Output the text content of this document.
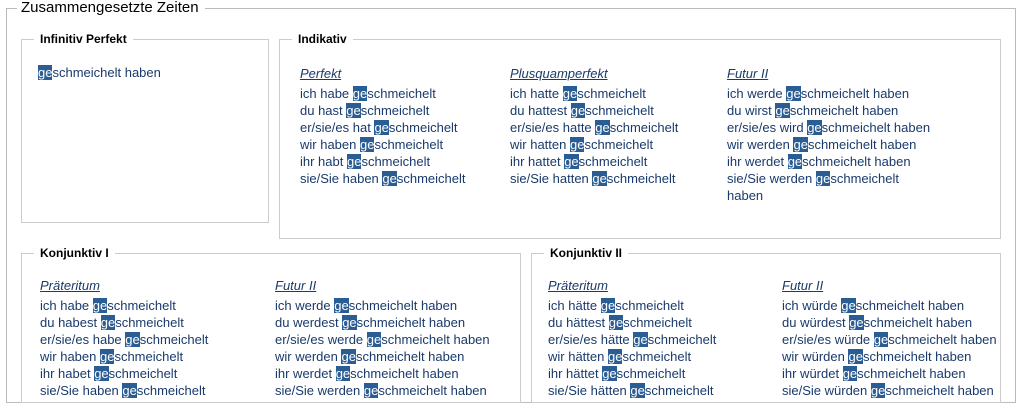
Zusammengesetzte Zeiten
Infinitiv Perfekt
geschmeichelt haben
Indikativ
Perfekt
ich habe geschmeichelt
du hast geschmeichelt
er/sie/es hat geschmeichelt
wir haben geschmeichelt
ihr habt geschmeichelt
sie/Sie haben geschmeichelt
Plusquamperfekt
ich hatte geschmeichelt
du hattest geschmeichelt
er/sie/es hatte geschmeichelt
wir hatten geschmeichelt
ihr hattet geschmeichelt
sie/Sie hatten geschmeichelt
Futur II
ich werde geschmeichelt haben
du wirst geschmeichelt haben
er/sie/es wird geschmeichelt haben
wir werden geschmeichelt haben
ihr werdet geschmeichelt haben
sie/Sie werden geschmeichelt haben
Konjunktiv I
Präteritum
ich habe geschmeichelt
du habest geschmeichelt
er/sie/es habe geschmeichelt
wir haben geschmeichelt
ihr habet geschmeichelt
sie/Sie haben geschmeichelt
Futur II
ich werde geschmeichelt haben
du werdest geschmeichelt haben
er/sie/es werde geschmeichelt haben
wir werden geschmeichelt haben
ihr werdet geschmeichelt haben
sie/Sie werden geschmeichelt haben
Konjunktiv II
Präteritum
ich hätte geschmeichelt
du hättest geschmeichelt
er/sie/es hätte geschmeichelt
wir hätten geschmeichelt
ihr hättet geschmeichelt
sie/Sie hätten geschmeichelt
Futur II
ich würde geschmeichelt haben
du würdest geschmeichelt haben
er/sie/es würde geschmeichelt haben
wir würden geschmeichelt haben
ihr würdet geschmeichelt haben
sie/Sie würden geschmeichelt haben
